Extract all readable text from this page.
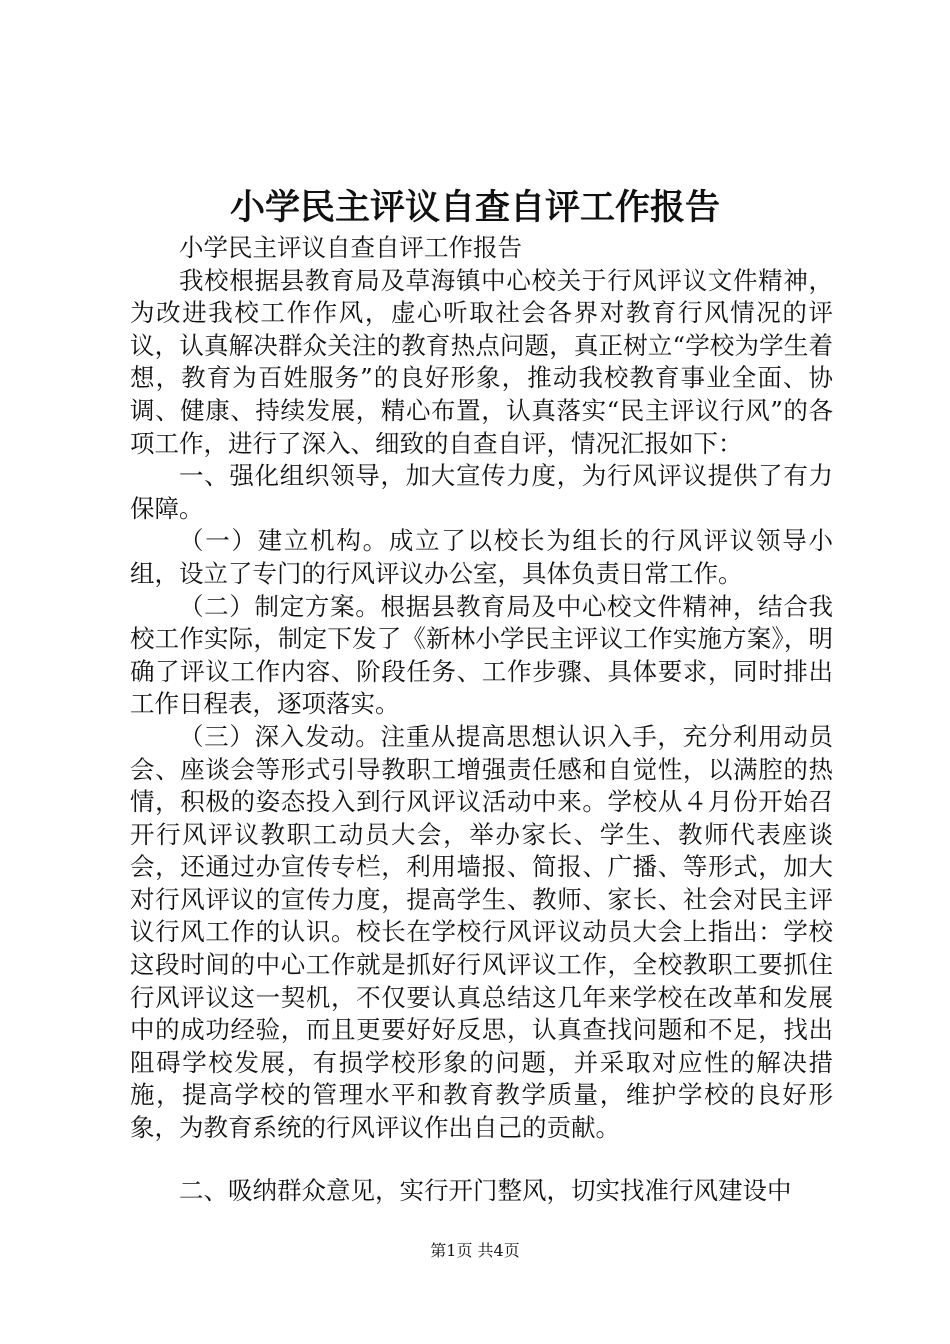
小学民主评议自查自评工作报告

小学民主评议自查自评工作报告

我校根据县教育局及草海镇中心校关于行风评议文件精神，为改进我校工作作风，虚心听取社会各界对教育行风情况的评议，认真解决群众关注的教育热点问题，真正树立“学校为学生着想，教育为百姓服务”的良好形象，推动我校教育事业全面、协调、健康、持续发展，精心布置，认真落实“民主评议行风”的各项工作，进行了深入、细致的自查自评，情况汇报如下：

一、强化组织领导，加大宣传力度，为行风评议提供了有力保障。

（一）建立机构。成立了以校长为组长的行风评议领导小组，设立了专门的行风评议办公室，具体负责日常工作。

（二）制定方案。根据县教育局及中心校文件精神，结合我校工作实际，制定下发了《新林小学民主评议工作实施方案》，明确了评议工作内容、阶段任务、工作步骤、具体要求，同时排出工作日程表，逐项落实。

（三）深入发动。注重从提高思想认识入手，充分利用动员会、座谈会等形式引导教职工增强责任感和自觉性，以满腔的热情，积极的姿态投入到行风评议活动中来。学校从４月份开始召开行风评议教职工动员大会，举办家长、学生、教师代表座谈会，还通过办宣传专栏，利用墙报、简报、广播、等形式，加大对行风评议的宣传力度，提高学生、教师、家长、社会对民主评议行风工作的认识。校长在学校行风评议动员大会上指出：学校这段时间的中心工作就是抓好行风评议工作，全校教职工要抓住行风评议这一契机，不仅要认真总结这几年来学校在改革和发展中的成功经验，而且更要好好反思，认真查找问题和不足，找出阻碍学校发展，有损学校形象的问题，并采取对应性的解决措施，提高学校的管理水平和教育教学质量，维护学校的良好形象，为教育系统的行风评议作出自己的贡献。

二、吸纳群众意见，实行开门整风，切实找准行风建设中

第1页 共4页
